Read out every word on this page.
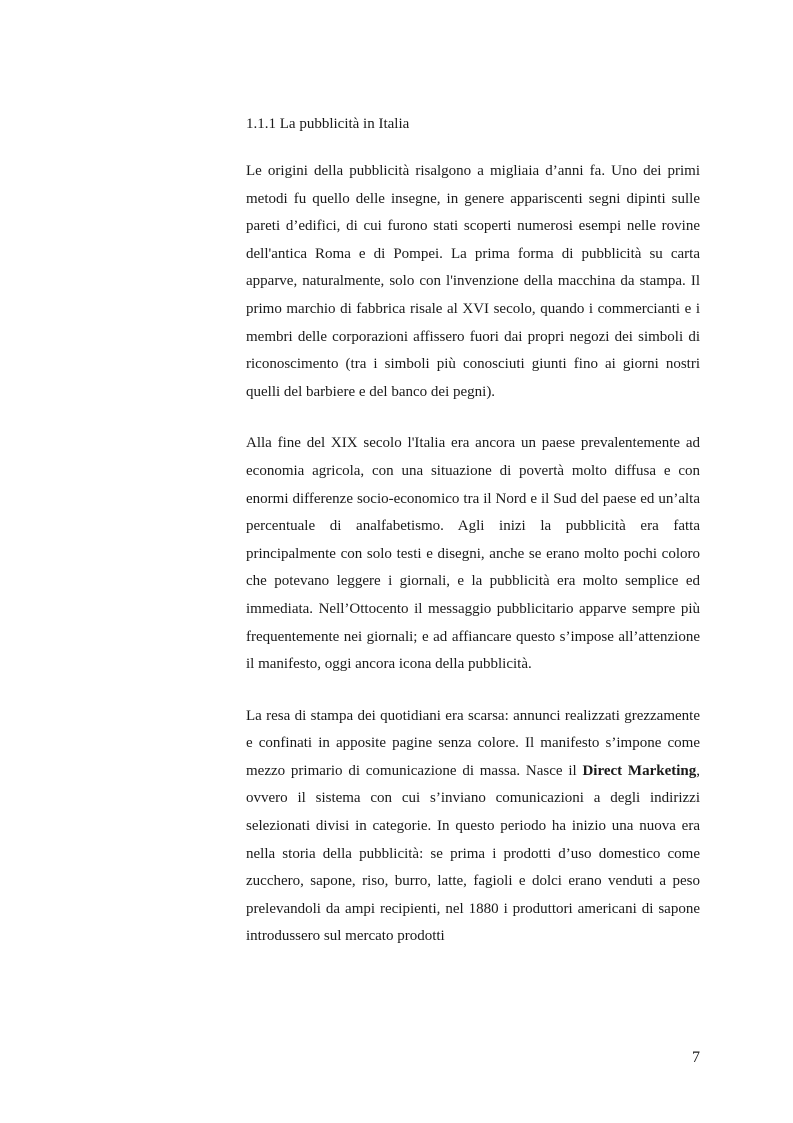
1.1.1 La pubblicità in Italia

Le origini della pubblicità risalgono a migliaia d’anni fa. Uno dei primi metodi fu quello delle insegne, in genere appariscenti segni dipinti sulle pareti d’edifici, di cui furono stati scoperti numerosi esempi nelle rovine dell'antica Roma e di Pompei. La prima forma di pubblicità su carta apparve, naturalmente, solo con l'invenzione della macchina da stampa. Il primo marchio di fabbrica risale al XVI secolo, quando i commercianti e i membri delle corporazioni affissero fuori dai propri negozi dei simboli di riconoscimento (tra i simboli più conosciuti giunti fino ai giorni nostri quelli del barbiere e del banco dei pegni).

Alla fine del XIX secolo l'Italia era ancora un paese prevalentemente ad economia agricola, con una situazione di povertà molto diffusa e con enormi differenze socio-economico tra il Nord e il Sud del paese ed un’alta percentuale di analfabetismo. Agli inizi la pubblicità era fatta principalmente con solo testi e disegni, anche se erano molto pochi coloro che potevano leggere i giornali, e la pubblicità era molto semplice ed immediata. Nell’Ottocento il messaggio pubblicitario apparve sempre più frequentemente nei giornali; e ad affiancare questo s’impose all’attenzione il manifesto, oggi ancora icona della pubblicità.

La resa di stampa dei quotidiani era scarsa: annunci realizzati grezzamente e confinati in apposite pagine senza colore. Il manifesto s’impone come mezzo primario di comunicazione di massa. Nasce il Direct Marketing, ovvero il sistema con cui s’inviano comunicazioni a degli indirizzi selezionati divisi in categorie. In questo periodo ha inizio una nuova era nella storia della pubblicità: se prima i prodotti d’uso domestico come zucchero, sapone, riso, burro, latte, fagioli e dolci erano venduti a peso prelevandoli da ampi recipienti, nel 1880 i produttori americani di sapone introdussero sul mercato prodotti

7
